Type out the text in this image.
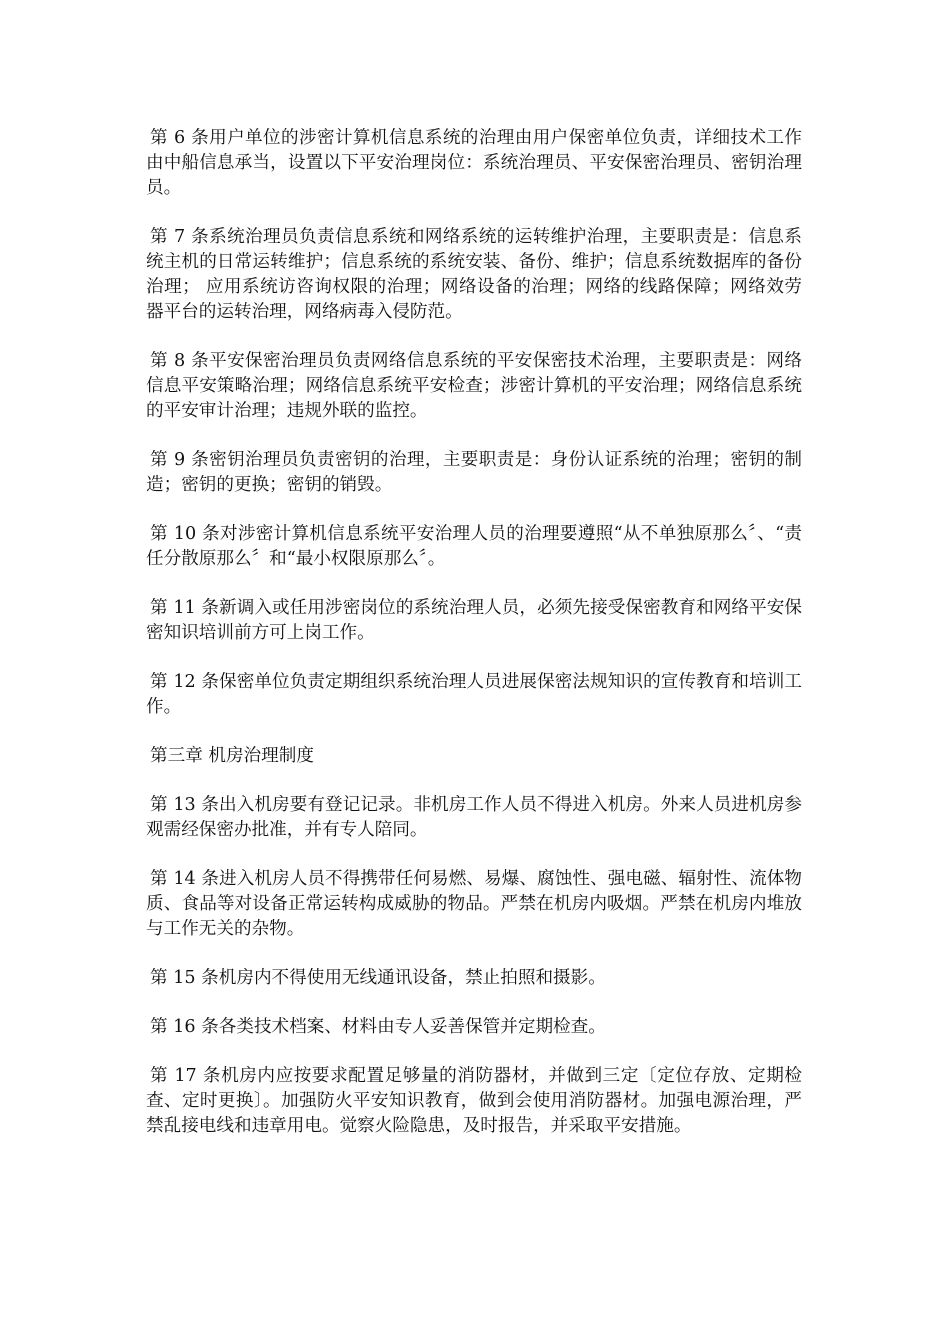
第 6 条用户单位的涉密计算机信息系统的治理由用户保密单位负责，详细技术工作由中船信息承当，设置以下平安治理岗位：系统治理员、平安保密治理员、密钥治理员。

第 7 条系统治理员负责信息系统和网络系统的运转维护治理，主要职责是：信息系统主机的日常运转维护；信息系统的系统安装、备份、维护；信息系统数据库的备份治理； 应用系统访咨询权限的治理；网络设备的治理；网络的线路保障；网络效劳器平台的运转治理，网络病毒入侵防范。

第 8 条平安保密治理员负责网络信息系统的平安保密技术治理，主要职责是：网络信息平安策略治理；网络信息系统平安检查；涉密计算机的平安治理；网络信息系统的平安审计治理；违规外联的监控。

第 9 条密钥治理员负责密钥的治理，主要职责是：身份认证系统的治理；密钥的制造；密钥的更换；密钥的销毁。

第 10 条对涉密计算机信息系统平安治理人员的治理要遵照“从不单独原那么〞、“责任分散原那么〞和“最小权限原那么〞。

第 11 条新调入或任用涉密岗位的系统治理人员，必须先接受保密教育和网络平安保密知识培训前方可上岗工作。

第 12 条保密单位负责定期组织系统治理人员进展保密法规知识的宣传教育和培训工作。

第三章 机房治理制度

第 13 条出入机房要有登记记录。非机房工作人员不得进入机房。外来人员进机房参观需经保密办批准，并有专人陪同。

第 14 条进入机房人员不得携带任何易燃、易爆、腐蚀性、强电磁、辐射性、流体物质、食品等对设备正常运转构成威胁的物品。严禁在机房内吸烟。严禁在机房内堆放与工作无关的杂物。

第 15 条机房内不得使用无线通讯设备，禁止拍照和摄影。

第 16 条各类技术档案、材料由专人妥善保管并定期检查。

第 17 条机房内应按要求配置足够量的消防器材，并做到三定〔定位存放、定期检查、定时更换〕。加强防火平安知识教育，做到会使用消防器材。加强电源治理，严禁乱接电线和违章用电。觉察火险隐患，及时报告，并采取平安措施。
